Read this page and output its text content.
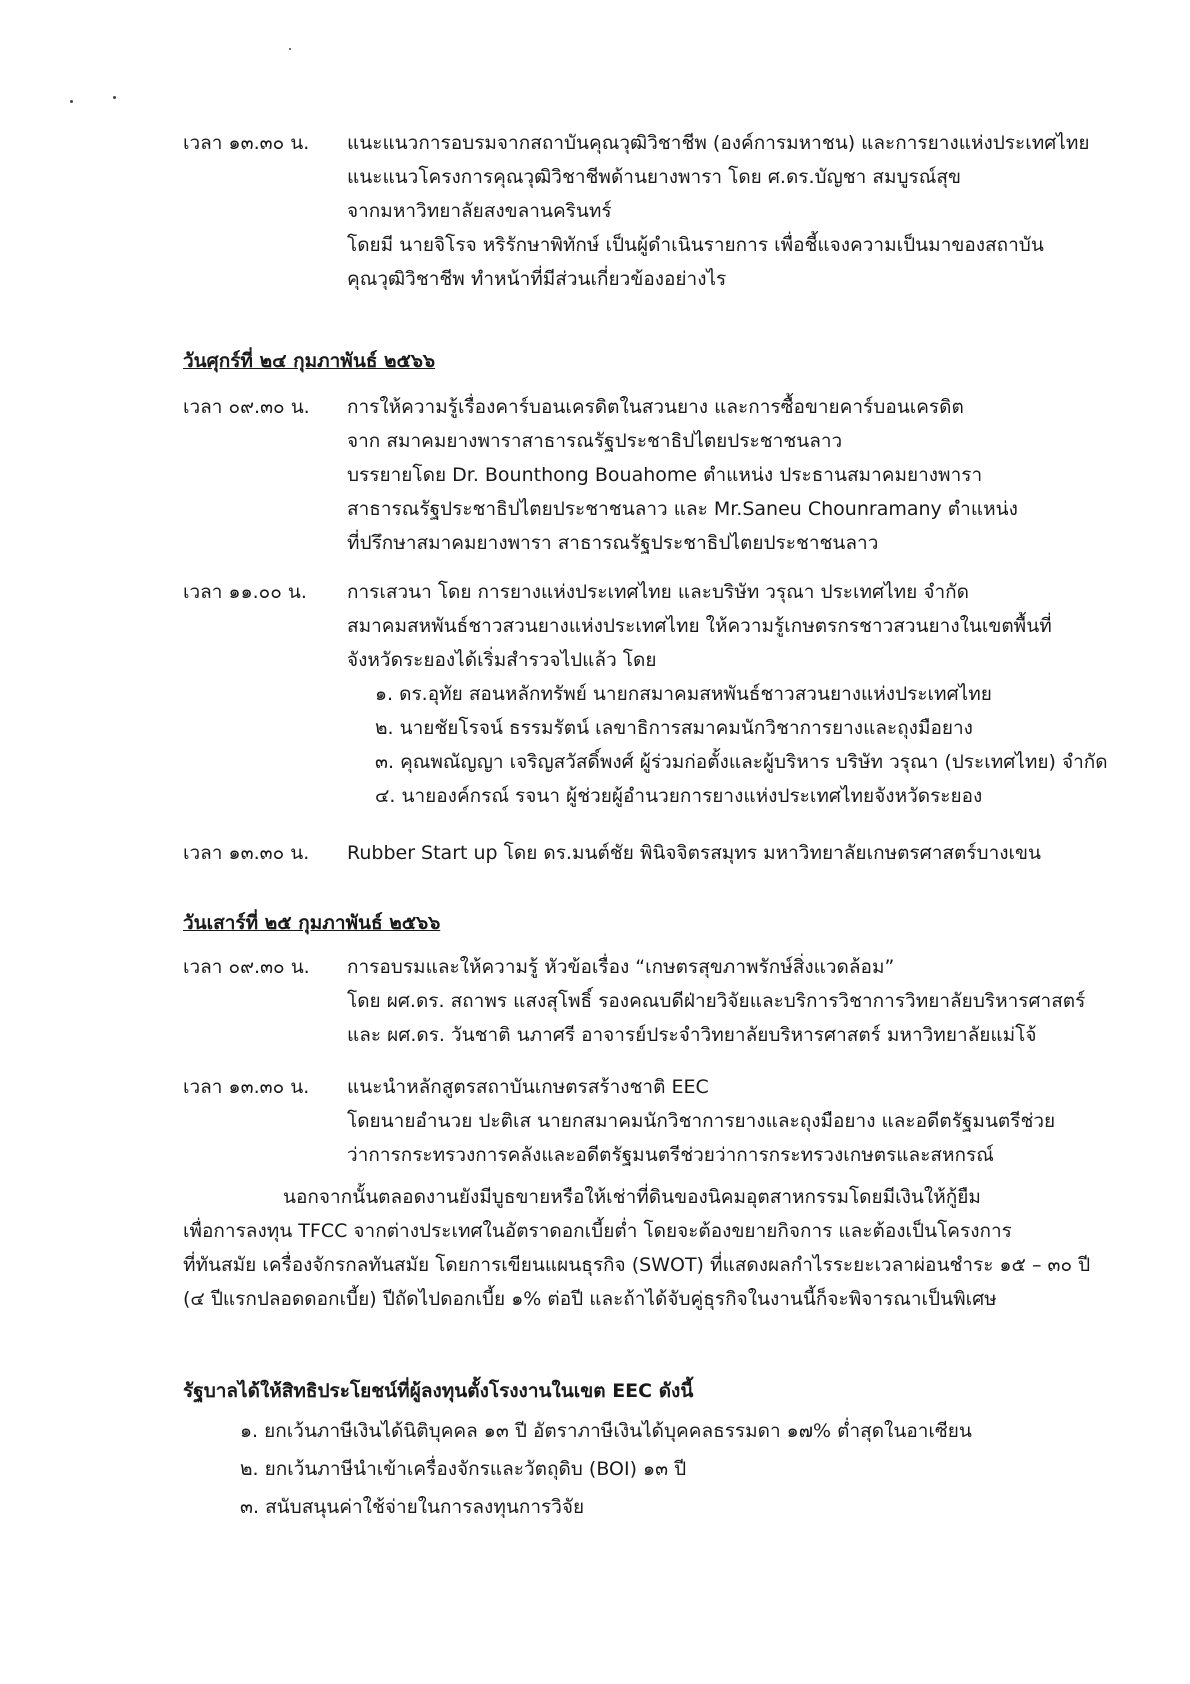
เวลา ๑๓.๓๐ น.	แนะแนวการอบรมจากสถาบันคุณวุฒิวิชาชีพ (องค์การมหาชน) และการยางแห่งประเทศไทย
แนะแนวโครงการคุณวุฒิวิชาชีพด้านยางพารา โดย ศ.ดร.บัญชา สมบูรณ์สุข
จากมหาวิทยาลัยสงขลานครินทร์
โดยมี นายจิโรจ หริรักษาพิทักษ์ เป็นผู้ดำเนินรายการ เพื่อชี้แจงความเป็นมาของสถาบัน
คุณวุฒิวิชาชีพ ทำหน้าที่มีส่วนเกี่ยวข้องอย่างไร
วันศุกร์ที่ ๒๔ กุมภาพันธ์ ๒๕๖๖
เวลา ๐๙.๓๐ น.	การให้ความรู้เรื่องคาร์บอนเครดิตในสวนยาง และการซื้อขายคาร์บอนเครดิต
จาก สมาคมยางพาราสาธารณรัฐประชาธิปไตยประชาชนลาว
บรรยายโดย Dr. Bounthong Bouahome ตำแหน่ง ประธานสมาคมยางพารา
สาธารณรัฐประชาธิปไตยประชาชนลาว และ Mr.Saneu Chounramany ตำแหน่ง
ที่ปรึกษาสมาคมยางพารา สาธารณรัฐประชาธิปไตยประชาชนลาว
เวลา ๑๑.๐๐ น.	การเสวนา โดย การยางแห่งประเทศไทย และบริษัท วรุณา ประเทศไทย จำกัด
สมาคมสหพันธ์ชาวสวนยางแห่งประเทศไทย ให้ความรู้เกษตรกรชาวสวนยางในเขตพื้นที่
จังหวัดระยองได้เริ่มสำรวจไปแล้ว โดย
๑. ดร.อุทัย สอนหลักทรัพย์ นายกสมาคมสหพันธ์ชาวสวนยางแห่งประเทศไทย
๒. นายชัยโรจน์ ธรรมรัตน์ เลขาธิการสมาคมนักวิชาการยางและถุงมือยาง
๓. คุณพณัญญา เจริญสวัสดิ์พงศ์ ผู้ร่วมก่อตั้งและผู้บริหาร บริษัท วรุณา (ประเทศไทย) จำกัด
๔. นายองค์กรณ์ รจนา ผู้ช่วยผู้อำนวยการยางแห่งประเทศไทยจังหวัดระยอง
เวลา ๑๓.๓๐ น.	Rubber Start up โดย ดร.มนต์ชัย พินิจจิตรสมุทร มหาวิทยาลัยเกษตรศาสตร์บางเขน
วันเสาร์ที่ ๒๕ กุมภาพันธ์ ๒๕๖๖
เวลา ๐๙.๓๐ น.	การอบรมและให้ความรู้ หัวข้อเรื่อง “เกษตรสุขภาพรักษ์สิ่งแวดล้อม”
โดย ผศ.ดร. สถาพร แสงสุโพธิ์ รองคณบดีฝ่ายวิจัยและบริการวิชาการวิทยาลัยบริหารศาสตร์
และ ผศ.ดร. วันชาติ นภาศรี อาจารย์ประจำวิทยาลัยบริหารศาสตร์ มหาวิทยาลัยแม่โจ้
เวลา ๑๓.๓๐ น.	แนะนำหลักสูตรสถาบันเกษตรสร้างชาติ EEC
โดยนายอำนวย ปะติเส นายกสมาคมนักวิชาการยางและถุงมือยาง และอดีตรัฐมนตรีช่วย
ว่าการกระทรวงการคลังและอดีตรัฐมนตรีช่วยว่าการกระทรวงเกษตรและสหกรณ์
นอกจากนั้นตลอดงานยังมีบูธขายหรือให้เช่าที่ดินของนิคมอุตสาหกรรมโดยมีเงินให้กู้ยืม
เพื่อการลงทุน TFCC จากต่างประเทศในอัตราดอกเบี้ยต่ำ โดยจะต้องขยายกิจการ และต้องเป็นโครงการ
ที่ทันสมัย เครื่องจักรกลทันสมัย โดยการเขียนแผนธุรกิจ (SWOT) ที่แสดงผลกำไรระยะเวลาผ่อนชำระ ๑๕ – ๓๐ ปี
(๔ ปีแรกปลอดดอกเบี้ย) ปีถัดไปดอกเบี้ย ๑% ต่อปี และถ้าได้จับคู่ธุรกิจในงานนี้ก็จะพิจารณาเป็นพิเศษ
รัฐบาลได้ให้สิทธิประโยชน์ที่ผู้ลงทุนตั้งโรงงานในเขต EEC ดังนี้
๑. ยกเว้นภาษีเงินได้นิติบุคคล ๑๓ ปี อัตราภาษีเงินได้บุคคลธรรมดา ๑๗% ต่ำสุดในอาเซียน
๒. ยกเว้นภาษีนำเข้าเครื่องจักรและวัตถุดิบ (BOI) ๑๓ ปี
๓. สนับสนุนค่าใช้จ่ายในการลงทุนการวิจัย
